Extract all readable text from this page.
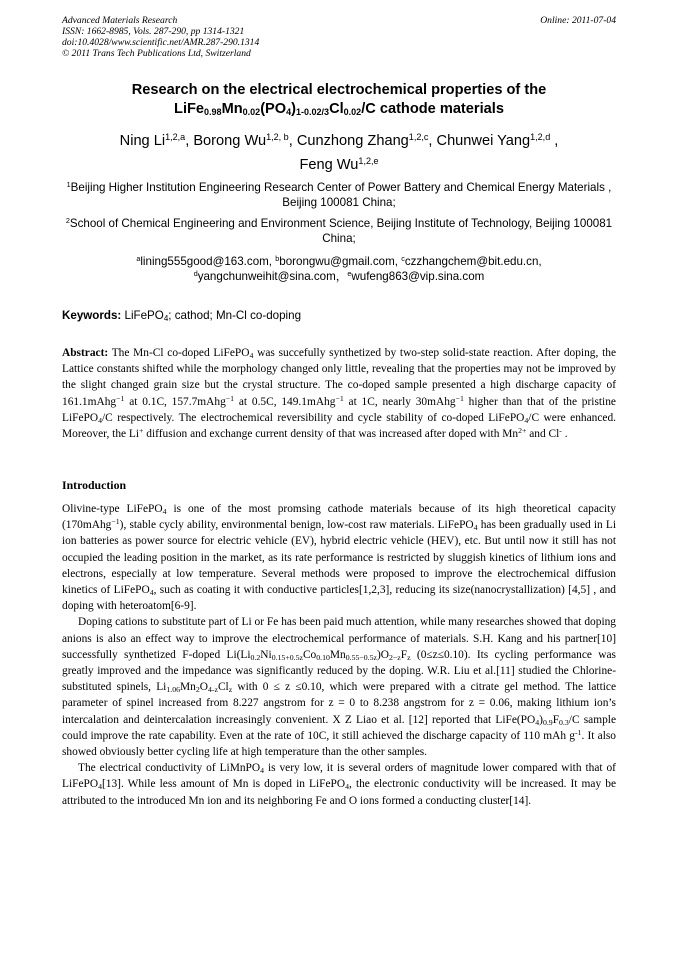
Advanced Materials Research
ISSN: 1662-8985, Vols. 287-290, pp 1314-1321
doi:10.4028/www.scientific.net/AMR.287-290.1314
© 2011 Trans Tech Publications Ltd, Switzerland
Online: 2011-07-04
Research on the electrical electrochemical properties of the
$LiFe_{0.98}Mn_{0.02}(PO_4)_{1-0.02/3}Cl_{0.02}/C$ cathode materials
Ning Li$^{1,2,a}$, Borong Wu$^{1,2, b}$, Cunzhong Zhang$^{1,2,c}$, Chunwei Yang$^{1,2,d}$ ,
Feng Wu$^{1,2,e}$
$^1$Beijing Higher Institution Engineering Research Center of Power Battery and Chemical Energy Materials , Beijing 100081 China;
$^2$School of Chemical Engineering and Environment Science, Beijing Institute of Technology, Beijing 100081 China;
$^a$lining555good@163.com, $^b$borongwu@gmail.com, $^c$czzhangchem@bit.edu.cn,
$^d$yangchunweihit@sina.com，$^e$wufeng863@vip.sina.com
Keywords: LiFePO$_4$; cathod; Mn-Cl co-doping
Abstract: The Mn-Cl co-doped LiFePO$_4$ was succefully synthetized by two-step solid-state reaction. After doping, the Lattice constants shifted while the morphology changed only little, revealing that the properties may not be improved by the slight changed grain size but the crystal structure. The co-doped sample presented a high discharge capacity of 161.1mAhg$^{-1}$ at 0.1C, 157.7mAhg$^{-1}$ at 0.5C, 149.1mAhg$^{-1}$ at 1C, nearly 30mAhg$^{-1}$ higher than that of the pristine LiFePO$_4$/C respectively. The electrochemical reversibility and cycle stability of co-doped LiFePO$_4$/C were enhanced. Moreover, the Li+ diffusion and exchange current density of that was increased after doped with $Mn^{2+}$ and Cl- .
Introduction

Olivine-type LiFePO$_4$ is one of the most promsing cathode materials because of its high theoretical capacity (170mAhg$^{-1}$), stable cycly ability, environmental benign, low-cost raw materials. LiFePO$_4$ has been gradually used in Li ion batteries as power source for electric vehicle (EV), hybrid electric vehicle (HEV), etc. But until now it still has not occupied the leading position in the market, as its rate performance is restricted by sluggish kinetics of lithium ions and electrons, especially at low temperature. Several methods were proposed to improve the electrochemical diffusion kinetics of LiFePO$_4$, such as coating it with conductive particles[1,2,3], reducing its size(nanocrystallization) [4,5] , and doping with heteroatom[6-9].

Doping cations to substitute part of Li or Fe has been paid much attention, while many researches showed that doping anions is also an effect way to improve the electrochemical performance of materials. S.H. Kang and his partner[10] successfully synthetized F-doped $Li(Li_{0.2}Ni_{0.15+0.5z}Co_{0.10}Mn_{0.55-0.5z})O_{2-z}F_z$ (0≤z≤0.10). Its cycling performance was greatly improved and the impedance was significantly reduced by the doping. W.R. Liu et al.[11] studied the Chlorine-substituted spinels, $Li_{1.06}Mn_2O_{4-z}Cl_z$ with 0 ≤ z ≤0.10, which were prepared with a citrate gel method. The lattice parameter of spinel increased from 8.227 angstrom for z = 0 to 8.238 angstrom for z = 0.06, making lithium ion’s intercalation and deintercalation increasingly convenient. X Z Liao et al. [12] reported that $LiFe(PO_4)_{0.9}F_{0.3}/C$ sample could improve the rate capability. Even at the rate of 10C, it still achieved the discharge capacity of 110 mAh $g^{-1}$. It also showed obviously better cycling life at high temperature than the other samples.

The electrical conductivity of LiMnPO$_4$ is very low, it is several orders of magnitude lower compared with that of LiFePO$_4$[13]. While less amount of Mn is doped in LiFePO$_4$, the electronic conductivity will be increased. It may be attributed to the introduced Mn ion and its neighboring Fe and O ions formed a conducting cluster[14].
